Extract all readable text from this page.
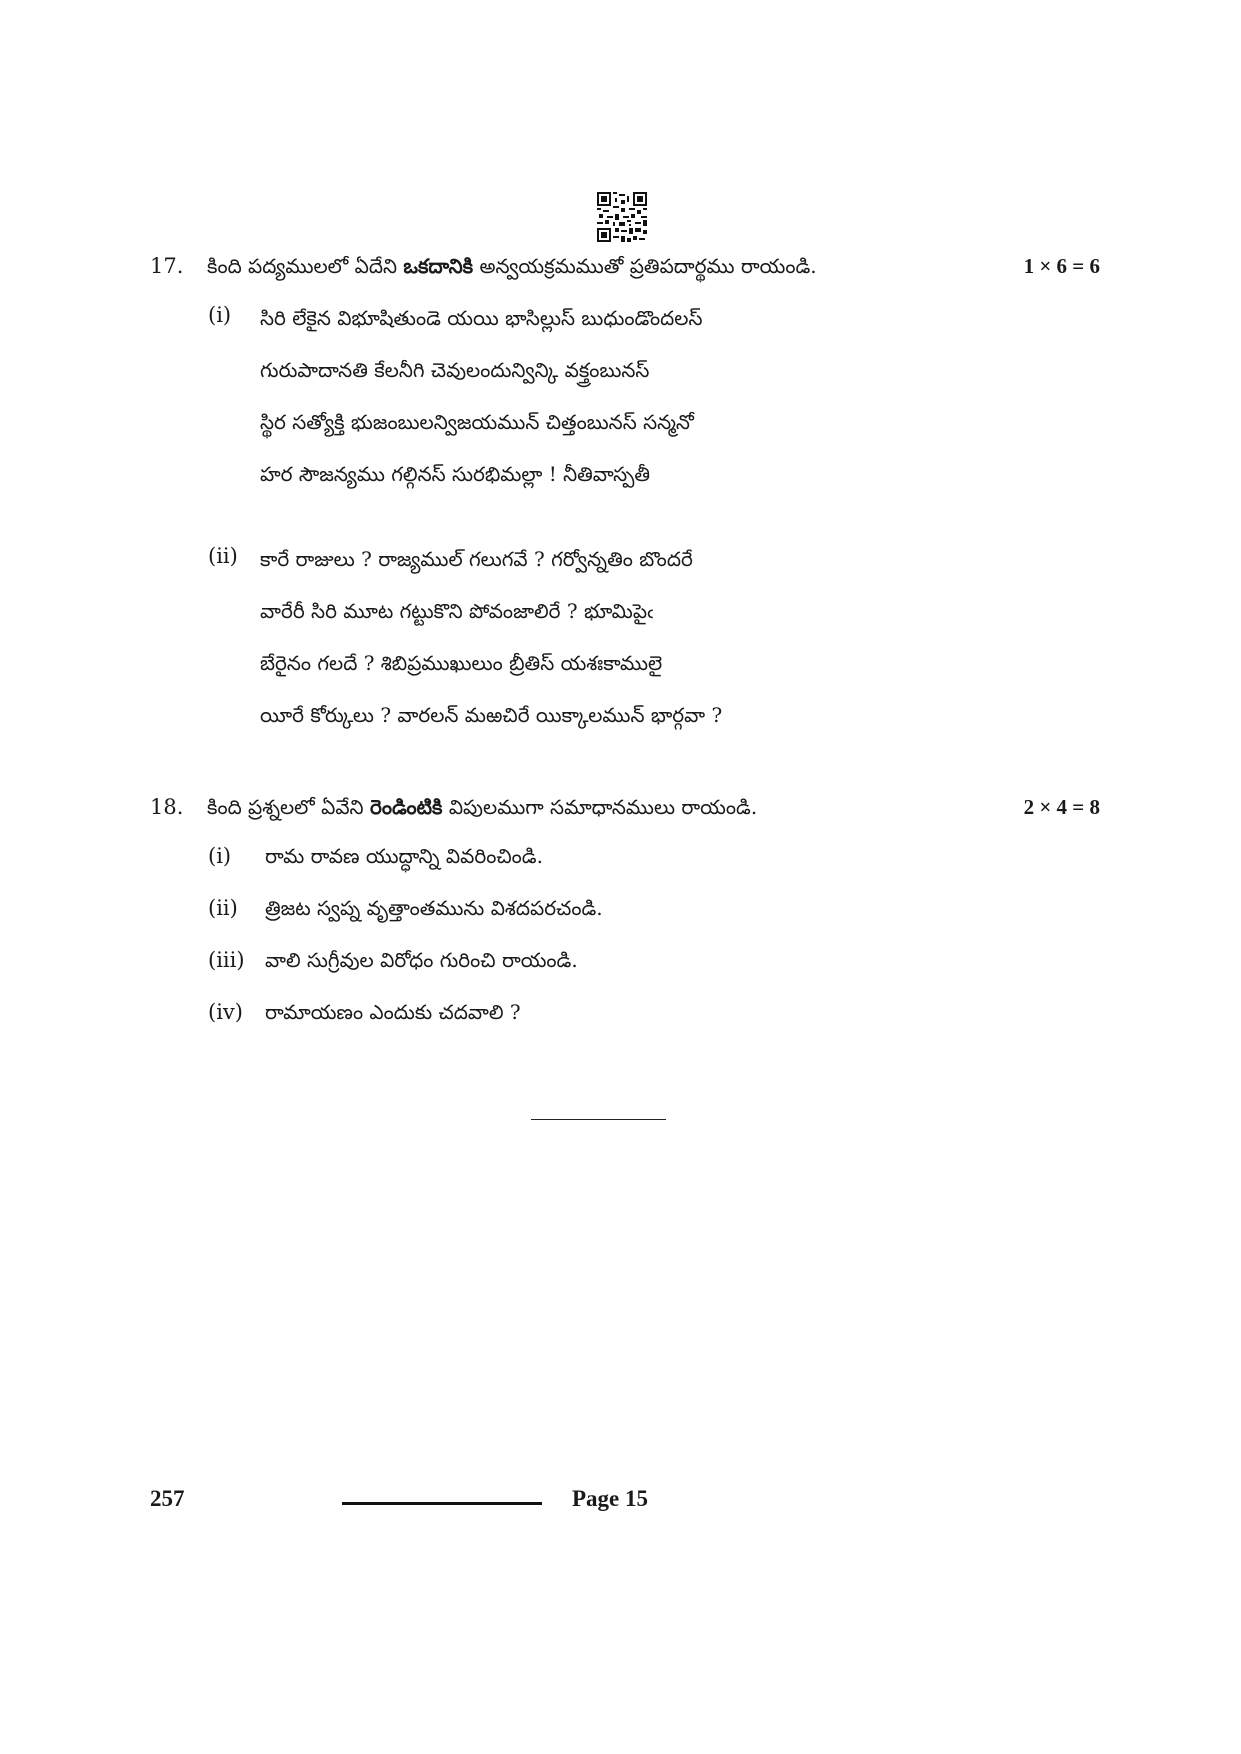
17. కింది పద్యములలో ఏదేని ఒకదానికి అన్వయక్రమముతో ప్రతిపదార్థము రాయండి.	1 × 6 = 6
(i) సిరి లేకైన విభూషితుండె యయి భాసిల్లుస్ బుధుండొందలస్
గురుపాదానతి కేలనీగి చెవులందున్విన్కి వక్త్రంబునస్
స్థిర సత్యోక్తి భుజంబులన్విజయమున్ చిత్తంబునస్ సన్మనో
హర సౌజన్యము గల్గినస్ సురభిమల్లా ! నీతివాస్పతీ
(ii) కారే రాజులు ? రాజ్యముల్ గలుగవే ? గర్వోన్నతిం బొందరే
వారేరీ సిరి మూట గట్టుకొని పోవంజాలిరే ? భూమిపైఁ
బేరైనం గలదే ? శిబిప్రముఖులుం బ్రీతిస్ యశఃకాములై
యీరే కోర్కులు ? వారలన్ మఱచిరే యిక్కాలమున్ భార్గవా ?
18. కింది ప్రశ్నలలో ఏవేని రెండింటికి విపులముగా సమాధానములు రాయండి.	2 × 4 = 8
(i) రామ రావణ యుద్ధాన్ని వివరించిండి.
(ii) త్రిజట స్వప్న వృత్తాంతమును విశదపరచండి.
(iii) వాలి సుగ్రీవుల విరోధం గురించి రాయండి.
(iv) రామాయణం ఎందుకు చదవాలి ?
257	Page 15
